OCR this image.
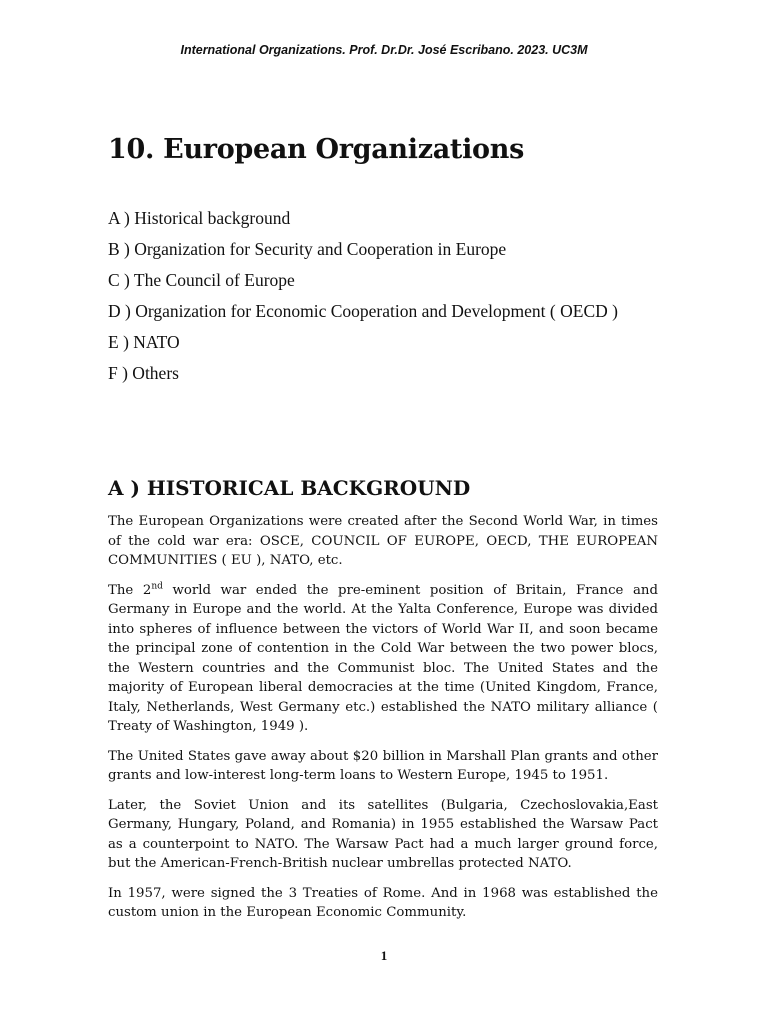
International Organizations. Prof. Dr.Dr. José Escribano. 2023. UC3M
10. European Organizations
A ) Historical background
B ) Organization for Security and Cooperation in Europe
C ) The Council of Europe
D ) Organization for Economic Cooperation and Development ( OECD )
E ) NATO
F ) Others
A ) HISTORICAL BACKGROUND

The European Organizations were created after the Second World War, in times of the cold war era: OSCE, COUNCIL OF EUROPE, OECD, THE EUROPEAN COMMUNITIES ( EU ), NATO, etc.

The 2nd world war ended the pre-eminent position of Britain, France and Germany in Europe and the world. At the Yalta Conference, Europe was divided into spheres of influence between the victors of World War II, and soon became the principal zone of contention in the Cold War between the two power blocs, the Western countries and the Communist bloc. The United States and the majority of European liberal democracies at the time (United Kingdom, France, Italy, Netherlands, West Germany etc.) established the NATO military alliance ( Treaty of Washington, 1949 ).

The United States gave away about $20 billion in Marshall Plan grants and other grants and low-interest long-term loans to Western Europe, 1945 to 1951.

Later, the Soviet Union and its satellites (Bulgaria, Czechoslovakia,East Germany, Hungary, Poland, and Romania) in 1955 established the Warsaw Pact as a counterpoint to NATO. The Warsaw Pact had a much larger ground force, but the American-French-British nuclear umbrellas protected NATO.

In 1957, were signed the 3 Treaties of Rome. And in 1968 was established the custom union in the European Economic Community.

1
